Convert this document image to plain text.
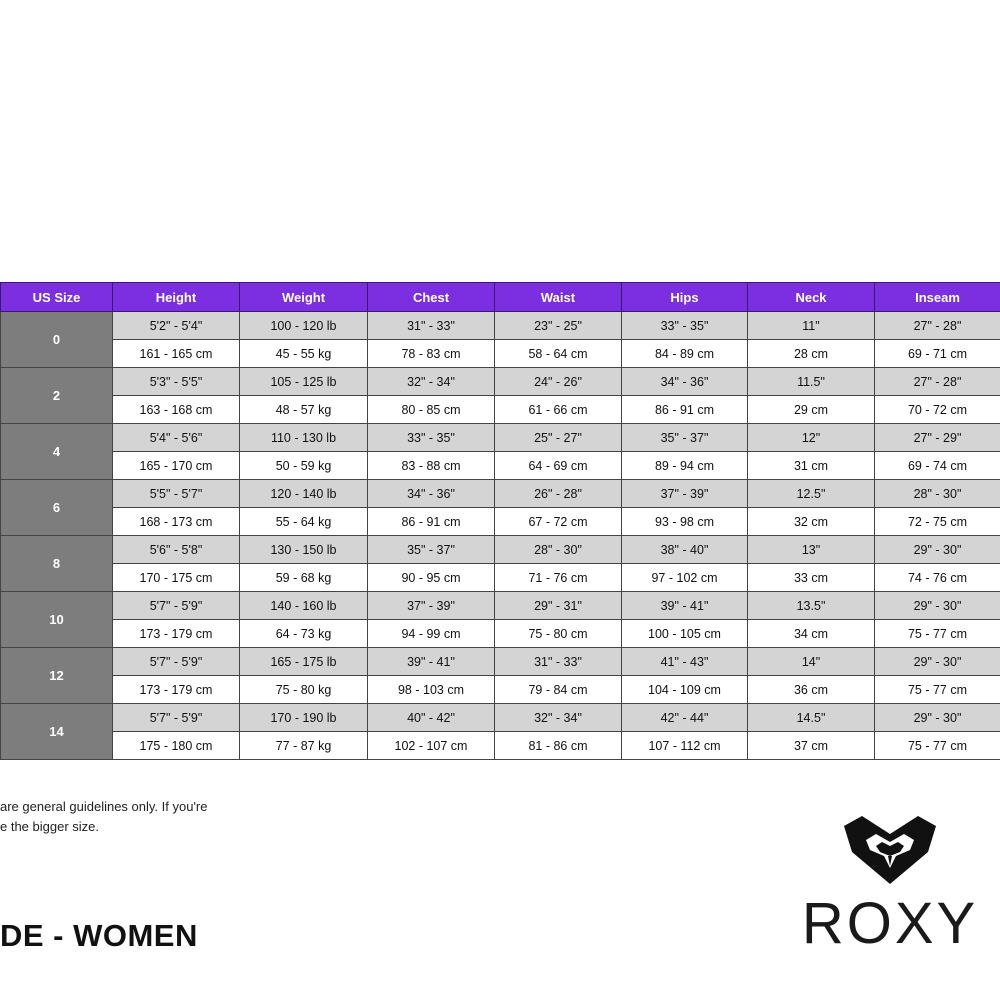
US Size	Height	Weight	Chest	Waist	Hips	Neck	Inseam
0	5'2" - 5'4"	100 - 120 lb	31" - 33"	23" - 25"	33" - 35"	11"	27" - 28"
	161 - 165 cm	45 - 55 kg	78 - 83 cm	58 - 64 cm	84 - 89 cm	28 cm	69 - 71 cm
2	5'3" - 5'5"	105 - 125 lb	32" - 34"	24" - 26"	34" - 36"	11.5"	27" - 28"
	163 - 168 cm	48 - 57 kg	80 - 85 cm	61 - 66 cm	86 - 91 cm	29 cm	70 - 72 cm
4	5'4" - 5'6"	110 - 130 lb	33" - 35"	25" - 27"	35" - 37"	12"	27" - 29"
	165 - 170 cm	50 - 59 kg	83 - 88 cm	64 - 69 cm	89 - 94 cm	31 cm	69 - 74 cm
6	5'5" - 5'7"	120 - 140 lb	34" - 36"	26" - 28"	37" - 39"	12.5"	28" - 30"
	168 - 173 cm	55 - 64 kg	86 - 91 cm	67 - 72 cm	93 - 98 cm	32 cm	72 - 75 cm
8	5'6" - 5'8"	130 - 150 lb	35" - 37"	28" - 30"	38" - 40"	13"	29" - 30"
	170 - 175 cm	59 - 68 kg	90 - 95 cm	71 - 76 cm	97 - 102 cm	33 cm	74 - 76 cm
10	5'7" - 5'9"	140 - 160 lb	37" - 39"	29" - 31"	39" - 41"	13.5"	29" - 30"
	173 - 179 cm	64 - 73 kg	94 - 99 cm	75 - 80 cm	100 - 105 cm	34 cm	75 - 77 cm
12	5'7" - 5'9"	165 - 175 lb	39" - 41"	31" - 33"	41" - 43"	14"	29" - 30"
	173 - 179 cm	75 - 80 kg	98 - 103 cm	79 - 84 cm	104 - 109 cm	36 cm	75 - 77 cm
14	5'7" - 5'9"	170 - 190 lb	40" - 42"	32" - 34"	42" - 44"	14.5"	29" - 30"
	175 - 180 cm	77 - 87 kg	102 - 107 cm	81 - 86 cm	107 - 112 cm	37 cm	75 - 77 cm
are general guidelines only. If you're
e the bigger size.
DE - WOMEN	ROXY
